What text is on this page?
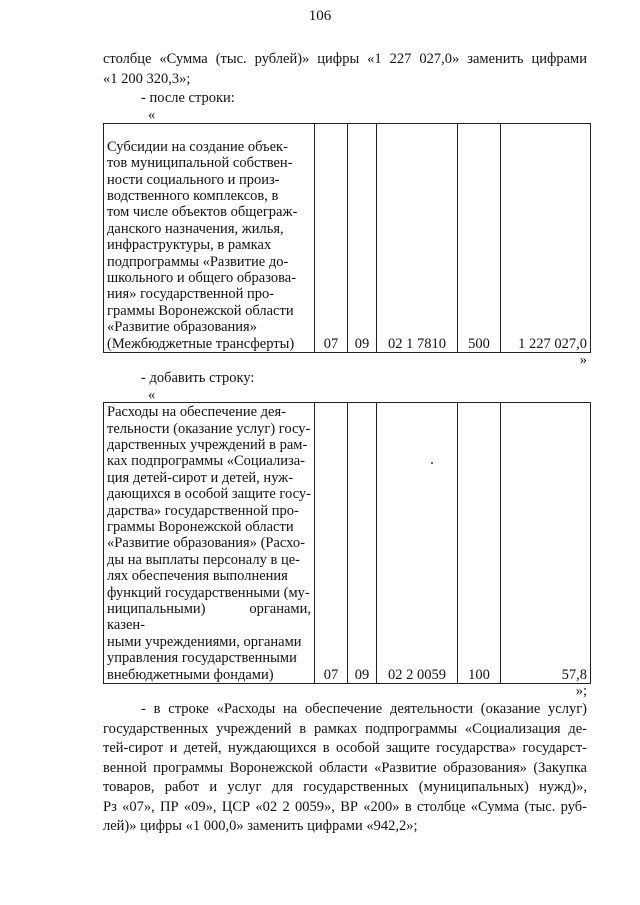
106
столбце «Сумма (тыс. рублей)» цифры «1 227 027,0» заменить цифрами
«1 200 320,3»;
- после строки:
«
Субсидии на создание объек-
тов муниципальной собствен-
ности социального и произ-
водственного комплексов, в
том числе объектов общеграж-
данского назначения, жилья,
инфраструктуры, в рамках
подпрограммы «Развитие до-
школьного и общего образова-
ния» государственной про-
граммы Воронежской области
«Развитие образования»
(Межбюджетные трансферты)	07	09	02 1 7810	500	1 227 027,0
»
- добавить строку:
«
Расходы на обеспечение дея-
тельности (оказание услуг) госу-
дарственных учреждений в рам-
ках подпрограммы «Социализа-
ция детей-сирот и детей, нуж-
дающихся в особой защите госу-
дарства» государственной про-
граммы Воронежской области
«Развитие образования» (Расхо-
ды на выплаты персоналу в це-
лях обеспечения выполнения
функций государственными (му-
ниципальными) органами, казен-
ными учреждениями, органами
управления государственными
внебюджетными фондами)	07	09	02 2 0059	100	57,8
»;
- в строке «Расходы на обеспечение деятельности (оказание услуг)
государственных учреждений в рамках подпрограммы «Социализация де-
тей-сирот и детей, нуждающихся в особой защите государства» государст-
венной программы Воронежской области «Развитие образования» (Закупка
товаров, работ и услуг для государственных (муниципальных) нужд)»,
Рз «07», ПР «09», ЦСР «02 2 0059», ВР «200» в столбце «Сумма (тыс. руб-
лей)» цифры «1 000,0» заменить цифрами «942,2»;
